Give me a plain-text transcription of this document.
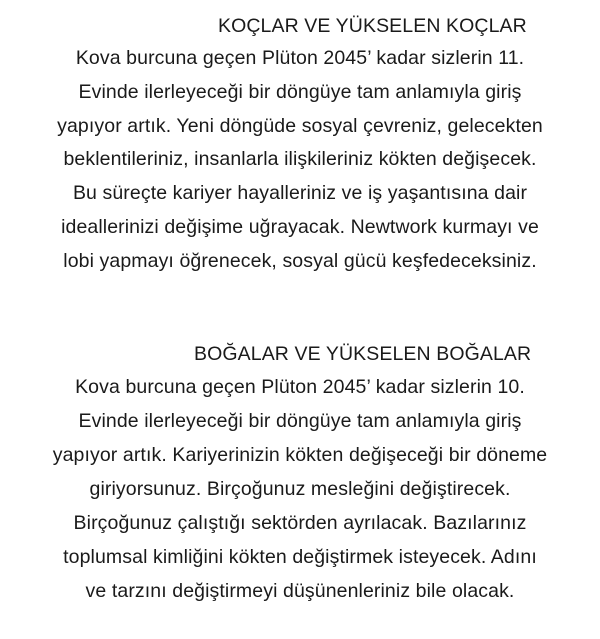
KOÇLAR VE YÜKSELEN KOÇLAR
Kova burcuna geçen Plüton 2045’ kadar sizlerin 11.
Evinde ilerleyeceği bir döngüye tam anlamıyla giriş
yapıyor artık. Yeni döngüde sosyal çevreniz, gelecekten
beklentileriniz, insanlarla ilişkileriniz kökten değişecek.
Bu süreçte kariyer hayalleriniz ve iş yaşantısına dair
ideallerinizi değişime uğrayacak. Newtwork kurmayı ve
lobi yapmayı öğrenecek, sosyal gücü keşfedeceksiniz.
BOĞALAR VE YÜKSELEN BOĞALAR
Kova burcuna geçen Plüton 2045’ kadar sizlerin 10.
Evinde ilerleyeceği bir döngüye tam anlamıyla giriş
yapıyor artık. Kariyerinizin kökten değişeceği bir döneme
giriyorsunuz. Birçoğunuz mesleğini değiştirecek.
Birçoğunuz çalıştığı sektörden ayrılacak. Bazılarınız
toplumsal kimliğini kökten değiştirmek isteyecek. Adını
ve tarzını değiştirmeyi düşünenleriniz bile olacak.
